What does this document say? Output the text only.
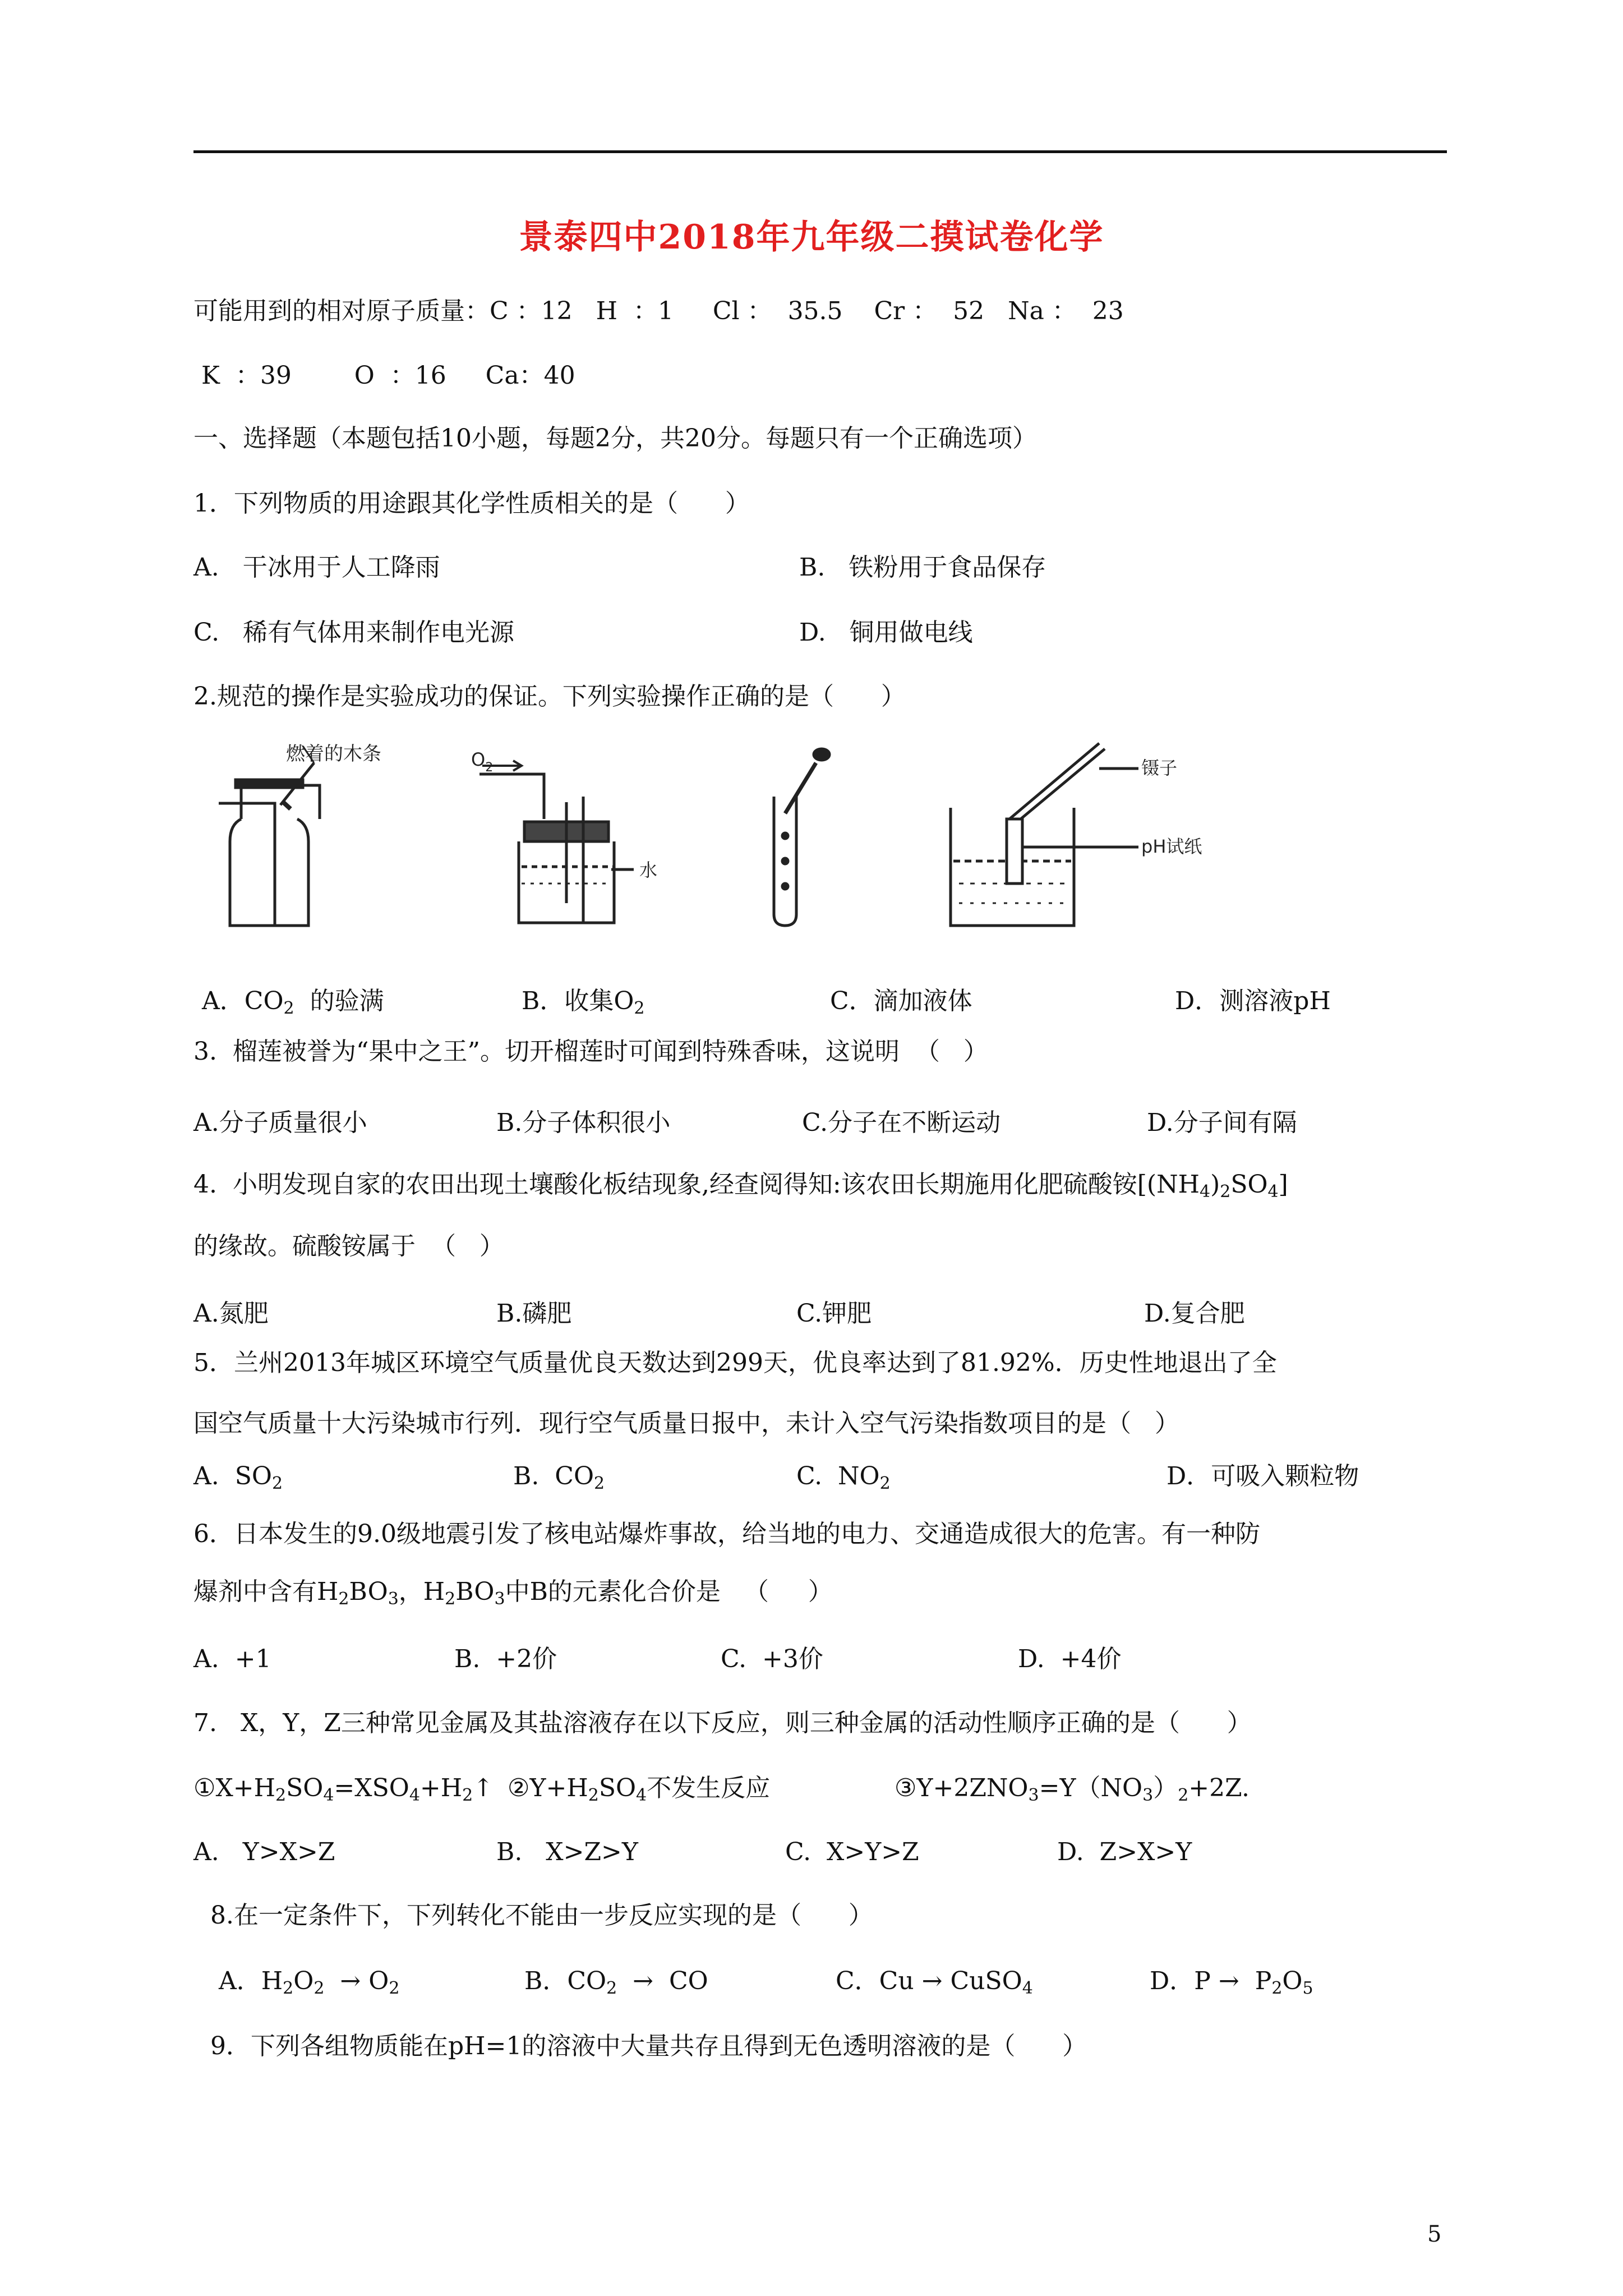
景泰四中2018年九年级二摸试卷化学
可能用到的相对原子质量：C ：12   H  ：1     Cl ：  35.5    Cr ：  52   Na ：  23
K  ：39        O  ：16     Ca：40
一、选择题（本题包括10小题，每题2分，共20分。每题只有一个正确选项）
1．下列物质的用途跟其化学性质相关的是（      ）
A.   干冰用于人工降雨	B.   铁粉用于食品保存
C.   稀有气体用来制作电光源	D.   铜用做电线
2.规范的操作是实验成功的保证。下列实验操作正确的是（      ）
燃着的木条	$O_2$
水
镊子
pH试纸
A．$CO_2$  的验满	B．收集$O_2$	C．滴加液体	D．测溶液pH
3.  榴莲被誉为“果中之王”。切开榴莲时可闻到特殊香味，这说明  （   ）
A.分子质量很小	B.分子体积很小	C.分子在不断运动	D.分子间有隔
4.  小明发现自家的农田出现土壤酸化板结现象,经查阅得知:该农田长期施用化肥硫酸铵$[(NH_4)_2SO_4]$
的缘故。硫酸铵属于  （   ）
A.氮肥	B.磷肥	C.钾肥	D.复合肥
5．兰州2013年城区环境空气质量优良天数达到299天，优良率达到了81.92%．历史性地退出了全
国空气质量十大污染城市行列．现行空气质量日报中，未计入空气污染指数项目的是（   ）
A.  $SO_2$	B.  $CO_2$	C.  $NO_2$	D．可吸入颗粒物
6．日本发生的9.0级地震引发了核电站爆炸事故，给当地的电力、交通造成很大的危害。有一种防
爆剂中含有$H_2BO_3$，$H_2BO_3$中B的元素化合价是   （     ）
A.  +1	B.  +2价	C.  +3价	D.  +4价
7.   X，Y，Z三种常见金属及其盐溶液存在以下反应，则三种金属的活动性顺序正确的是（      ）
$①X+H_2SO_4=XSO_4+H_2↑$ $②Y+H_2SO_4$不发生反应	$③Y+2ZNO_3=Y(NO_3)_2+2Z$.
A.   Y>X>Z	B.   X>Z>Y	C.  X>Y>Z	D.  Z>X>Y
8.在一定条件下，下列转化不能由一步反应实现的是（      ）
A．$H_2O_2 \to O_2$	B．$CO_2$  →  CO	C．Cu → CuSO$_4$	D．$P \to P_2O_5$
9．下列各组物质能在pH=1的溶液中大量共存且得到无色透明溶液的是（      ）
5
